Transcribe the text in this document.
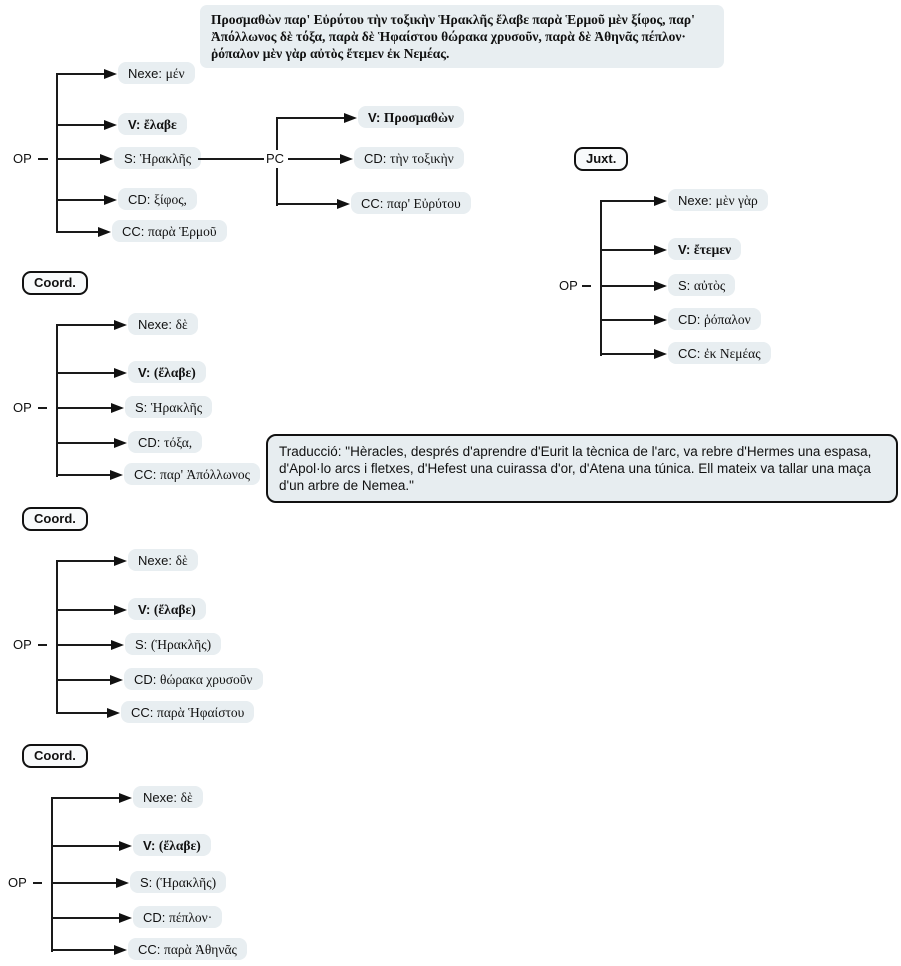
Προσμαθὼν παρ' Εὐρύτου τὴν τοξικὴν Ἡρακλῆς ἔλαβε παρὰ Ἑρμοῦ μὲν ξίφος, παρ' Ἀπόλλωνος δὲ τόξα, παρὰ δὲ Ἡφαίστου θώρακα χρυσοῦν, παρὰ δὲ Ἀθηνᾶς πέπλον· ῥόπαλον μὲν γὰρ αὐτὸς ἔτεμεν ἐκ Νεμέας.
OP
Nexe: μέν
V: ἔλαβε
S: Ἡρακλῆς
CD: ξίφος,
CC: παρὰ Ἑρμοῦ
PC
V: Προσμαθὼν
CD: τὴν τοξικὴν
CC: παρ' Εὐρύτου
Juxt.
OP
Nexe: μὲν γὰρ
V: ἔτεμεν
S: αὐτὸς
CD: ῥόπαλον
CC: ἐκ Νεμέας
Coord.
OP
Nexe: δὲ
V: (ἔλαβε)
S: Ἡρακλῆς
CD: τόξα,
CC: παρ' Ἀπόλλωνος
Traducció: "Hèracles, després d'aprendre d'Eurit la tècnica de l'arc, va rebre d'Hermes una espasa, d'Apol·lo arcs i fletxes, d'Hefest una cuirassa d'or, d'Atena una túnica. Ell mateix va tallar una maça d'un arbre de Nemea."
Coord.
OP
Nexe: δὲ
V: (ἔλαβε)
S: (Ἡρακλῆς)
CD: θώρακα χρυσοῦν
CC: παρὰ Ἡφαίστου
Coord.
OP
Nexe: δὲ
V: (ἔλαβε)
S: (Ἡρακλῆς)
CD: πέπλον·
CC: παρὰ Ἀθηνᾶς
